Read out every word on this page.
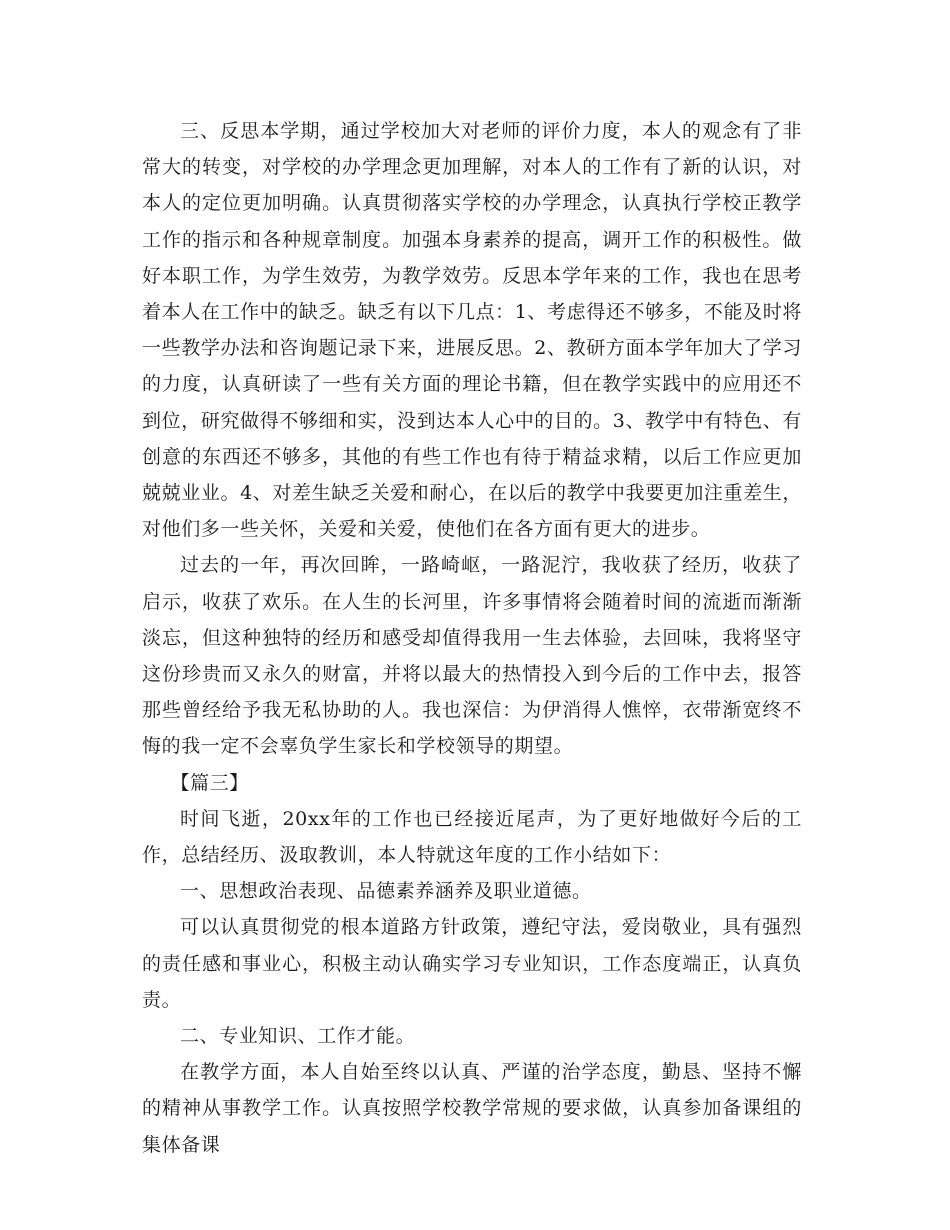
三、反思本学期，通过学校加大对老师的评价力度，本人的观念有了非常大的转变，对学校的办学理念更加理解，对本人的工作有了新的认识，对本人的定位更加明确。认真贯彻落实学校的办学理念，认真执行学校正教学工作的指示和各种规章制度。加强本身素养的提高，调开工作的积极性。做好本职工作，为学生效劳，为教学效劳。反思本学年来的工作，我也在思考着本人在工作中的缺乏。缺乏有以下几点：1、考虑得还不够多，不能及时将一些教学办法和咨询题记录下来，进展反思。2、教研方面本学年加大了学习的力度，认真研读了一些有关方面的理论书籍，但在教学实践中的应用还不到位，研究做得不够细和实，没到达本人心中的目的。3、教学中有特色、有创意的东西还不够多，其他的有些工作也有待于精益求精，以后工作应更加兢兢业业。4、对差生缺乏关爱和耐心，在以后的教学中我要更加注重差生，对他们多一些关怀，关爱和关爱，使他们在各方面有更大的进步。

过去的一年，再次回眸，一路崎岖，一路泥泞，我收获了经历，收获了启示，收获了欢乐。在人生的长河里，许多事情将会随着时间的流逝而渐渐淡忘，但这种独特的经历和感受却值得我用一生去体验，去回味，我将坚守这份珍贵而又永久的财富，并将以最大的热情投入到今后的工作中去，报答那些曾经给予我无私协助的人。我也深信：为伊消得人憔悴，衣带渐宽终不悔的我一定不会辜负学生家长和学校领导的期望。

【篇三】

时间飞逝，20xx年的工作也已经接近尾声，为了更好地做好今后的工作，总结经历、汲取教训，本人特就这年度的工作小结如下：

一、思想政治表现、品德素养涵养及职业道德。

可以认真贯彻党的根本道路方针政策，遵纪守法，爱岗敬业，具有强烈的责任感和事业心，积极主动认确实学习专业知识，工作态度端正，认真负责。

二、专业知识、工作才能。

在教学方面，本人自始至终以认真、严谨的治学态度，勤恳、坚持不懈的精神从事教学工作。认真按照学校教学常规的要求做，认真参加备课组的集体备课
